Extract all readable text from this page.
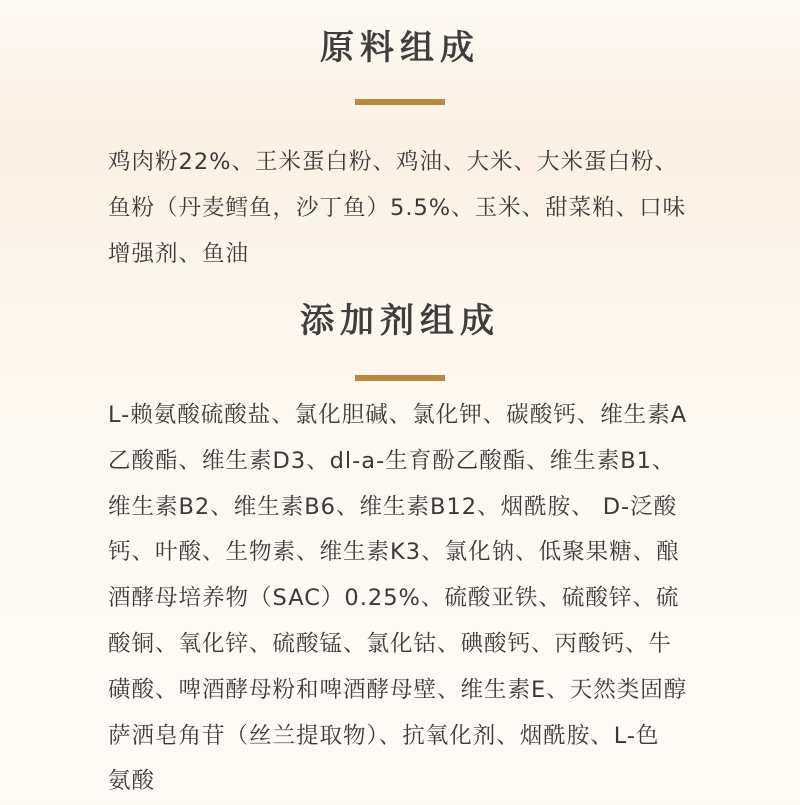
原料组成

鸡肉粉22%、王米蛋白粉、鸡油、大米、大米蛋白粉、
鱼粉（丹麦鳕鱼，沙丁鱼）5.5%、玉米、甜菜粕、口味
增强剂、鱼油

添加剂组成

L-赖氨酸硫酸盐、氯化胆碱、氯化钾、碳酸钙、维生素A
乙酸酯、维生素D3、dl-a-生育酚乙酸酯、维生素B1、
维生素B2、维生素B6、维生素B12、烟酰胺、 D-泛酸
钙、叶酸、生物素、维生素K3、氯化钠、低聚果糖、酿
酒酵母培养物（SAC）0.25%、硫酸亚铁、硫酸锌、硫
酸铜、氧化锌、硫酸锰、氯化钴、碘酸钙、丙酸钙、牛
磺酸、啤酒酵母粉和啤酒酵母壁、维生素E、天然类固醇
萨洒皂角苷（丝兰提取物）、抗氧化剂、烟酰胺、L-色
氨酸
